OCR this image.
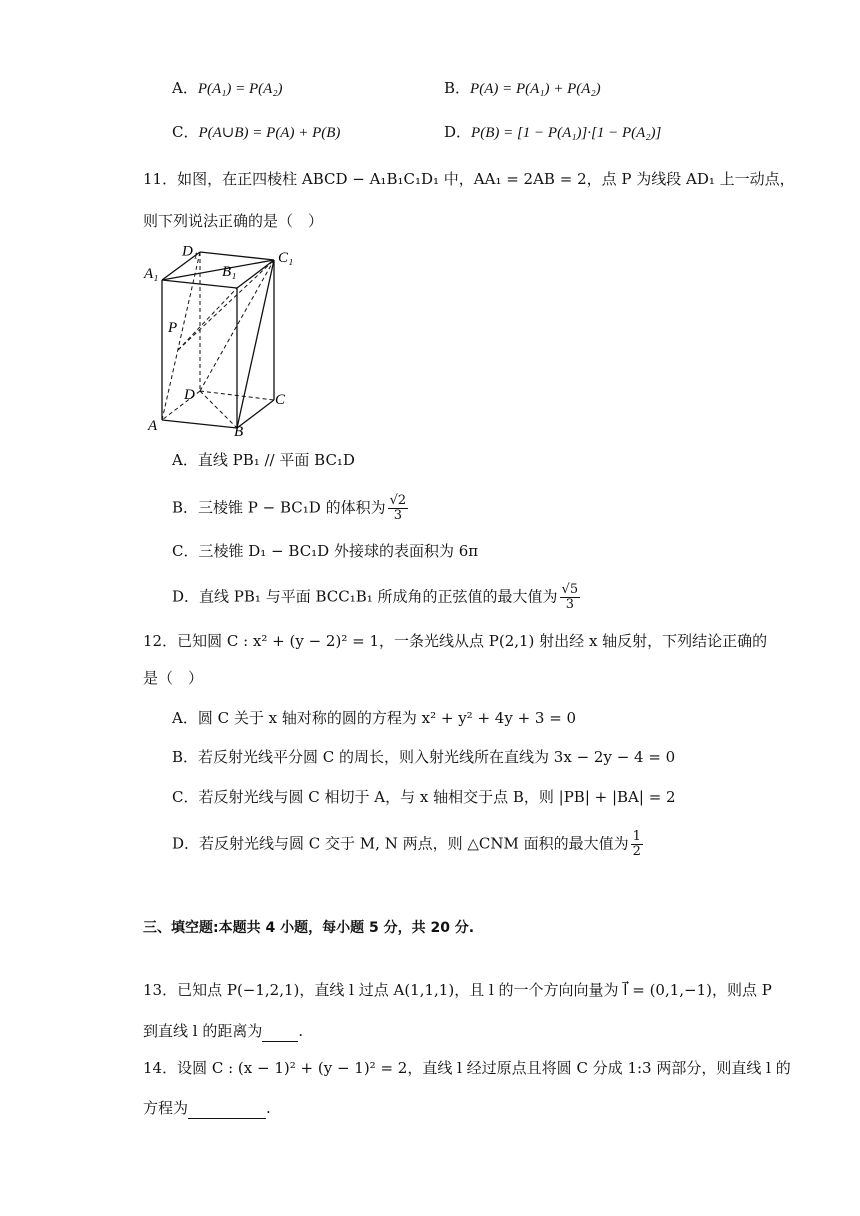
A．P(A₁) = P(A₂)	B．P(A) = P(A₁) + P(A₂)
C．P(A∪B) = P(A) + P(B)	D．P(B) = [1 − P(A₁)]·[1 − P(A₂)]
11．如图，在正四棱柱 ABCD − A₁B₁C₁D₁ 中，AA₁ = 2AB = 2，点 P 为线段 AD₁ 上一动点，
则下列说法正确的是（　）
D₁	C₁
A₁	B₁
P
D	C
A	B
A．直线 PB₁ // 平面 BC₁D
B．三棱锥 P − BC₁D 的体积为 $\frac{√2}{3}$
C．三棱锥 D₁ − BC₁D 外接球的表面积为 6π
D．直线 PB₁ 与平面 BCC₁B₁ 所成角的正弦值的最大值为 $\frac{√5}{3}$
12．已知圆 C : x² + (y − 2)² = 1，一条光线从点 P(2,1) 射出经 x 轴反射，下列结论正确的
是（　）
A．圆 C 关于 x 轴对称的圆的方程为 x² + y² + 4y + 3 = 0
B．若反射光线平分圆 C 的周长，则入射光线所在直线为 3x − 2y − 4 = 0
C．若反射光线与圆 C 相切于 A，与 x 轴相交于点 B，则 |PB| + |BA| = 2
D．若反射光线与圆 C 交于 M, N 两点，则 △CNM 面积的最大值为 $\frac{1}{2}$
三、填空题:本题共 4 小题，每小题 5 分，共 20 分.
13．已知点 P(−1,2,1)，直线 l 过点 A(1,1,1)，且 l 的一个方向向量为 l⃗ = (0,1,−1)，则点 P
到直线 l 的距离为 .
14．设圆 C : (x − 1)² + (y − 1)² = 2，直线 l 经过原点且将圆 C 分成 1:3 两部分，则直线 l 的
方程为	.
